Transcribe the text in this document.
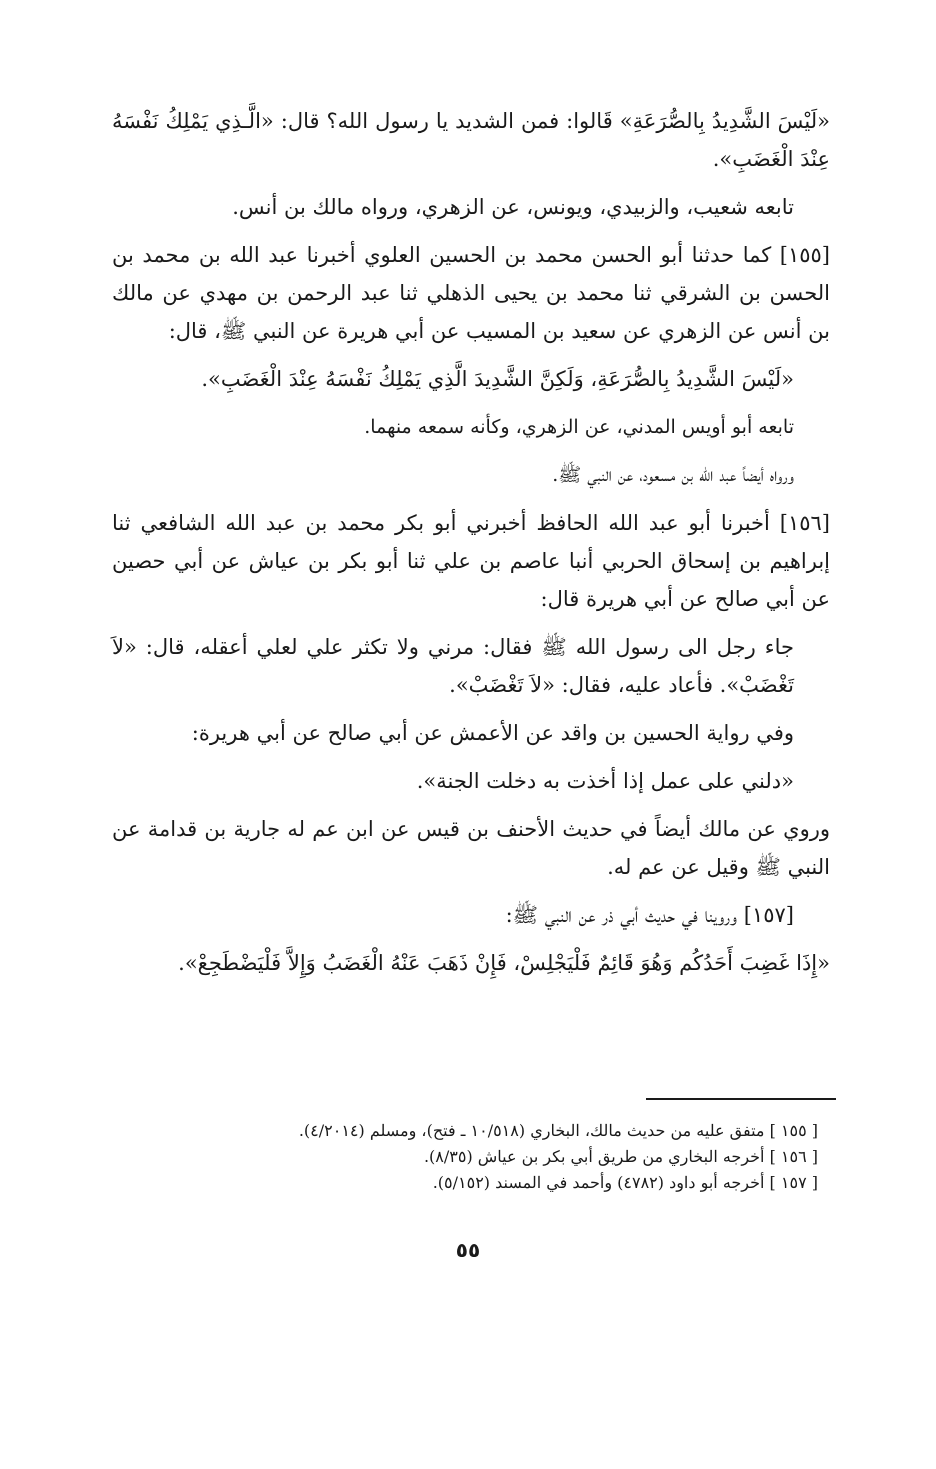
«لَيْسَ الشَّدِيدُ بِالصُّرَعَةِ» قَالوا: فمن الشديد يا رسول الله؟ قال: «الَّـذِي يَمْلِكُ نَفْسَهُ عِنْدَ الْغَضَبِ».

تابعه شعيب، والزبيدي، ويونس، عن الزهري، ورواه مالك بن أنس.

[١٥٥] كما حدثنا أبو الحسن محمد بن الحسين العلوي أخبرنا عبد الله بن محمد بن الحسن بن الشرقي ثنا محمد بن يحيى الذهلي ثنا عبد الرحمن بن مهدي عن مالك بن أنس عن الزهري عن سعيد بن المسيب عن أبي هريرة عن النبي ﷺ، قال:

«لَيْسَ الشَّدِيدُ بِالصُّرَعَةِ، وَلَكِنَّ الشَّدِيدَ الَّذِي يَمْلِكُ نَفْسَهُ عِنْدَ الْغَضَبِ».

تابعه أبو أويس المدني، عن الزهري، وكأنه سمعه منهما.

ورواه أيضاً عبد الله بن مسعود، عن النبي ﷺ.

[١٥٦] أخبرنا أبو عبد الله الحافظ أخبرني أبو بكر محمد بن عبد الله الشافعي ثنا إبراهيم بن إسحاق الحربي أنبا عاصم بن علي ثنا أبو بكر بن عياش عن أبي حصين عن أبي صالح عن أبي هريرة قال:

جاء رجل الى رسول الله ﷺ فقال: مرني ولا تكثر علي لعلي أعقله، قال: «لاَ تَغْضَبْ». فأعاد عليه، فقال: «لاَ تَغْضَبْ».

وفي رواية الحسين بن واقد عن الأعمش عن أبي صالح عن أبي هريرة:

«دلني على عمل إذا أخذت به دخلت الجنة».

وروي عن مالك أيضاً في حديث الأحنف بن قيس عن ابن عم له جارية بن قدامة عن النبي ﷺ وقيل عن عم له.

[١٥٧] وروينا في حديث أبي ذر عن النبي ﷺ:

«إِذَا غَضِبَ أَحَدُكُم وَهُوَ قَائِمٌ فَلْيَجْلِسْ، فَإِنْ ذَهَبَ عَنْهُ الْغَضَبُ وَإِلاَّ فَلْيَضْطَجِعْ».

[ ١٥٥ ] متفق عليه من حديث مالك، البخاري (١٠/٥١٨ ـ فتح)، ومسلم (٤/٢٠١٤).

[ ١٥٦ ] أخرجه البخاري من طريق أبي بكر بن عياش (٨/٣٥).

[ ١٥٧ ] أخرجه أبو داود (٤٧٨٢) وأحمد في المسند (٥/١٥٢).

٥٥
